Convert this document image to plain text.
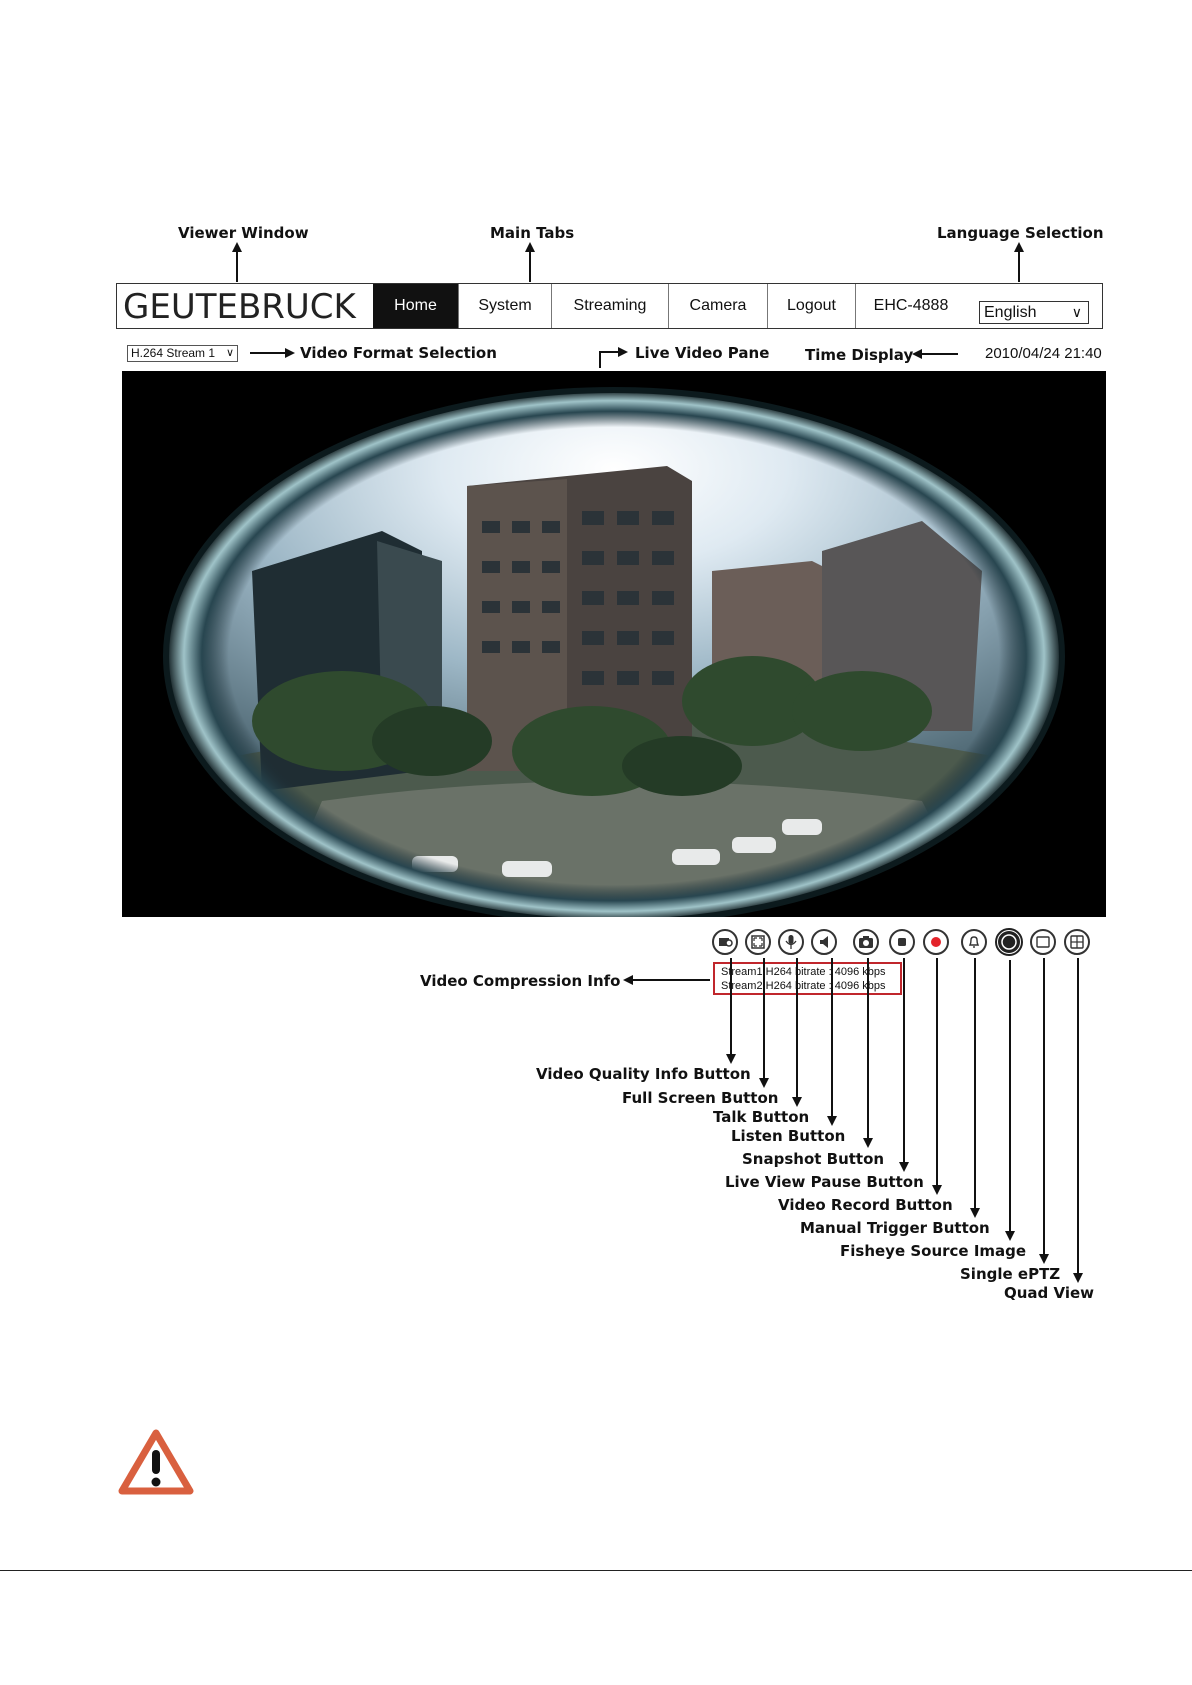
Viewer Window	Main Tabs	Language Selection
Video Format Selection	Live Video Pane Time Display
GEUTEBRUCK	Home	System	Streaming	Camera	Logout	EHC-4888	English	∨
H.264 Stream 1 ∨	2010/04/24 21:40
Stream1 H264 bitrate : 4096 kbps
Stream2 H264 bitrate : 4096 kbps
Video Compression Info
Video Quality Info Button
Full Screen Button
Talk Button
Listen Button
Snapshot Button
Live View Pause Button
Video Record Button
Manual Trigger Button
Fisheye Source Image
Single ePTZ
Quad View
